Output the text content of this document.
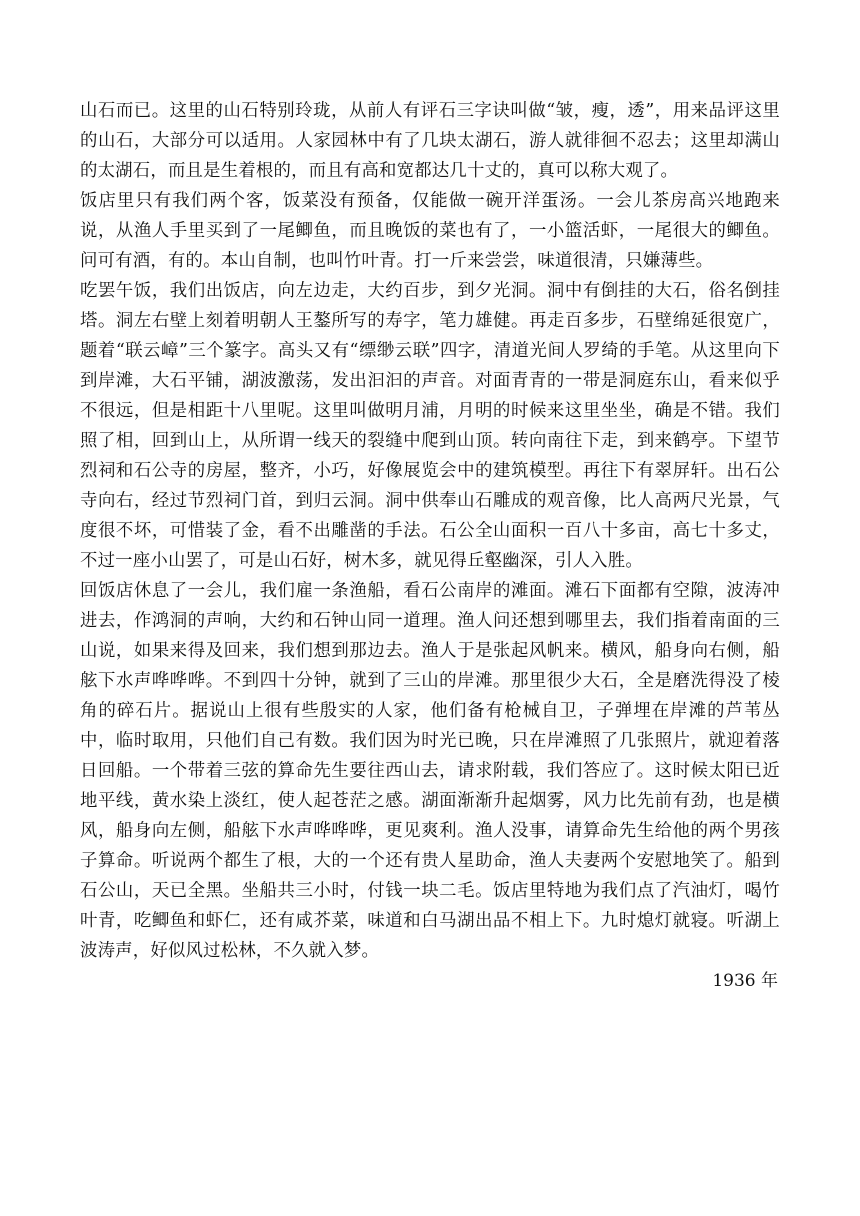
山石而已。这里的山石特别玲珑，从前人有评石三字诀叫做“皱，瘦，透”，用来品评这里的山石，大部分可以适用。人家园林中有了几块太湖石，游人就徘徊不忍去；这里却满山的太湖石，而且是生着根的，而且有高和宽都达几十丈的，真可以称大观了。

饭店里只有我们两个客，饭菜没有预备，仅能做一碗开洋蛋汤。一会儿茶房高兴地跑来说，从渔人手里买到了一尾鲫鱼，而且晚饭的菜也有了，一小篮活虾，一尾很大的鲫鱼。问可有酒，有的。本山自制，也叫竹叶青。打一斤来尝尝，味道很清，只嫌薄些。

吃罢午饭，我们出饭店，向左边走，大约百步，到夕光洞。洞中有倒挂的大石，俗名倒挂塔。洞左右壁上刻着明朝人王鏊所写的寿字，笔力雄健。再走百多步，石壁绵延很宽广，题着“联云嶂”三个篆字。高头又有“缥缈云联”四字，清道光间人罗绮的手笔。从这里向下到岸滩，大石平铺，湖波激荡，发出汩汩的声音。对面青青的一带是洞庭东山，看来似乎不很远，但是相距十八里呢。这里叫做明月浦，月明的时候来这里坐坐，确是不错。我们照了相，回到山上，从所谓一线天的裂缝中爬到山顶。转向南往下走，到来鹤亭。下望节烈祠和石公寺的房屋，整齐，小巧，好像展览会中的建筑模型。再往下有翠屏轩。出石公寺向右，经过节烈祠门首，到归云洞。洞中供奉山石雕成的观音像，比人高两尺光景，气度很不坏，可惜装了金，看不出雕凿的手法。石公全山面积一百八十多亩，高七十多丈，不过一座小山罢了，可是山石好，树木多，就见得丘壑幽深，引人入胜。

回饭店休息了一会儿，我们雇一条渔船，看石公南岸的滩面。滩石下面都有空隙，波涛冲进去，作鸿洞的声响，大约和石钟山同一道理。渔人问还想到哪里去，我们指着南面的三山说，如果来得及回来，我们想到那边去。渔人于是张起风帆来。横风，船身向右侧，船舷下水声哗哗哗。不到四十分钟，就到了三山的岸滩。那里很少大石，全是磨洗得没了棱角的碎石片。据说山上很有些殷实的人家，他们备有枪械自卫，子弹埋在岸滩的芦苇丛中，临时取用，只他们自己有数。我们因为时光已晚，只在岸滩照了几张照片，就迎着落日回船。一个带着三弦的算命先生要往西山去，请求附载，我们答应了。这时候太阳已近地平线，黄水染上淡红，使人起苍茫之感。湖面渐渐升起烟雾，风力比先前有劲，也是横风，船身向左侧，船舷下水声哗哗哗，更见爽利。渔人没事，请算命先生给他的两个男孩子算命。听说两个都生了根，大的一个还有贵人星助命，渔人夫妻两个安慰地笑了。船到石公山，天已全黑。坐船共三小时，付钱一块二毛。饭店里特地为我们点了汽油灯，喝竹叶青，吃鲫鱼和虾仁，还有咸芥菜，味道和白马湖出品不相上下。九时熄灯就寝。听湖上波涛声，好似风过松林，不久就入梦。

1936 年
